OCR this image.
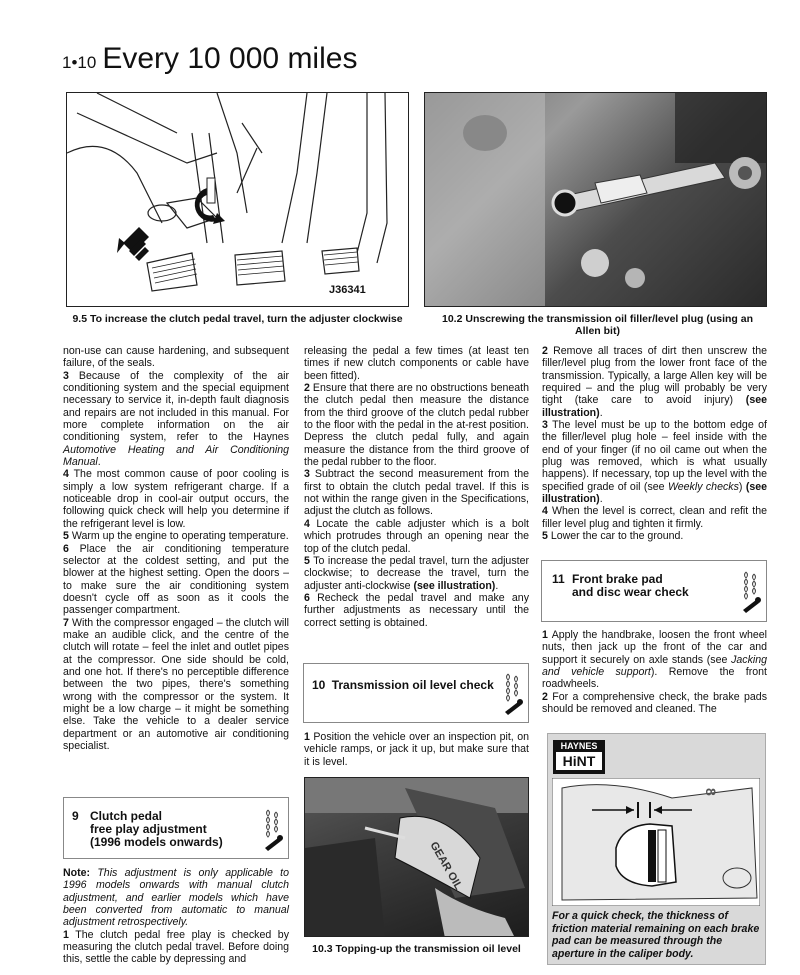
1•10 Every 10 000 miles
J36341
9.5 To increase the clutch pedal travel, turn the adjuster clockwise	10.2 Unscrewing the transmission oil filler/level plug (using an Allen bit)

non-use can cause hardening, and subsequent failure, of the seals.

3 Because of the complexity of the air conditioning system and the special equipment necessary to service it, in-depth fault diagnosis and repairs are not included in this manual. For more complete information on the air conditioning system, refer to the Haynes Automotive Heating and Air Conditioning Manual.

4 The most common cause of poor cooling is simply a low system refrigerant charge. If a noticeable drop in cool-air output occurs, the following quick check will help you determine if the refrigerant level is low.

5 Warm up the engine to operating temperature.

6 Place the air conditioning temperature selector at the coldest setting, and put the blower at the highest setting. Open the doors – to make sure the air conditioning system doesn't cycle off as soon as it cools the passenger compartment.

7 With the compressor engaged – the clutch will make an audible click, and the centre of the clutch will rotate – feel the inlet and outlet pipes at the compressor. One side should be cold, and one hot. If there's no perceptible difference between the two pipes, there's something wrong with the compressor or the system. It might be a low charge – it might be something else. Take the vehicle to a dealer service department or an automotive air conditioning specialist.

9 Clutch pedal
free play adjustment
(1996 models onwards)

Note: This adjustment is only applicable to 1996 models onwards with manual clutch adjustment, and earlier models which have been converted from automatic to manual adjustment retrospectively.

1 The clutch pedal free play is checked by measuring the clutch pedal travel. Before doing this, settle the cable by depressing and

releasing the pedal a few times (at least ten times if new clutch components or cable have been fitted).

2 Ensure that there are no obstructions beneath the clutch pedal then measure the distance from the third groove of the clutch pedal rubber to the floor with the pedal in the at-rest position. Depress the clutch pedal fully, and again measure the distance from the third groove of the pedal rubber to the floor.

3 Subtract the second measurement from the first to obtain the clutch pedal travel. If this is not within the range given in the Specifications, adjust the clutch as follows.

4 Locate the cable adjuster which is a bolt which protrudes through an opening near the top of the clutch pedal.

5 To increase the pedal travel, turn the adjuster clockwise; to decrease the travel, turn the adjuster anti-clockwise (see illustration).

6 Recheck the pedal travel and make any further adjustments as necessary until the correct setting is obtained.

10 Transmission oil level check

1 Position the vehicle over an inspection pit, on vehicle ramps, or jack it up, but make sure that it is level.

GEAR OIL
10.3 Topping-up the transmission oil level

2 Remove all traces of dirt then unscrew the filler/level plug from the lower front face of the transmission. Typically, a large Allen key will be required – and the plug will probably be very tight (take care to avoid injury) (see illustration).

3 The level must be up to the bottom edge of the filler/level plug hole – feel inside with the end of your finger (if no oil came out when the plug was removed, which is what usually happens). If necessary, top up the level with the specified grade of oil (see Weekly checks) (see illustration).

4 When the level is correct, clean and refit the filler level plug and tighten it firmly.

5 Lower the car to the ground.

11 Front brake pad
and disc wear check

1 Apply the handbrake, loosen the front wheel nuts, then jack up the front of the car and support it securely on axle stands (see Jacking and vehicle support). Remove the front roadwheels.

2 For a comprehensive check, the brake pads should be removed and cleaned. The

HAYNES
HiNT
8
For a quick check, the thickness of friction material remaining on each brake pad can be measured through the aperture in the caliper body.
